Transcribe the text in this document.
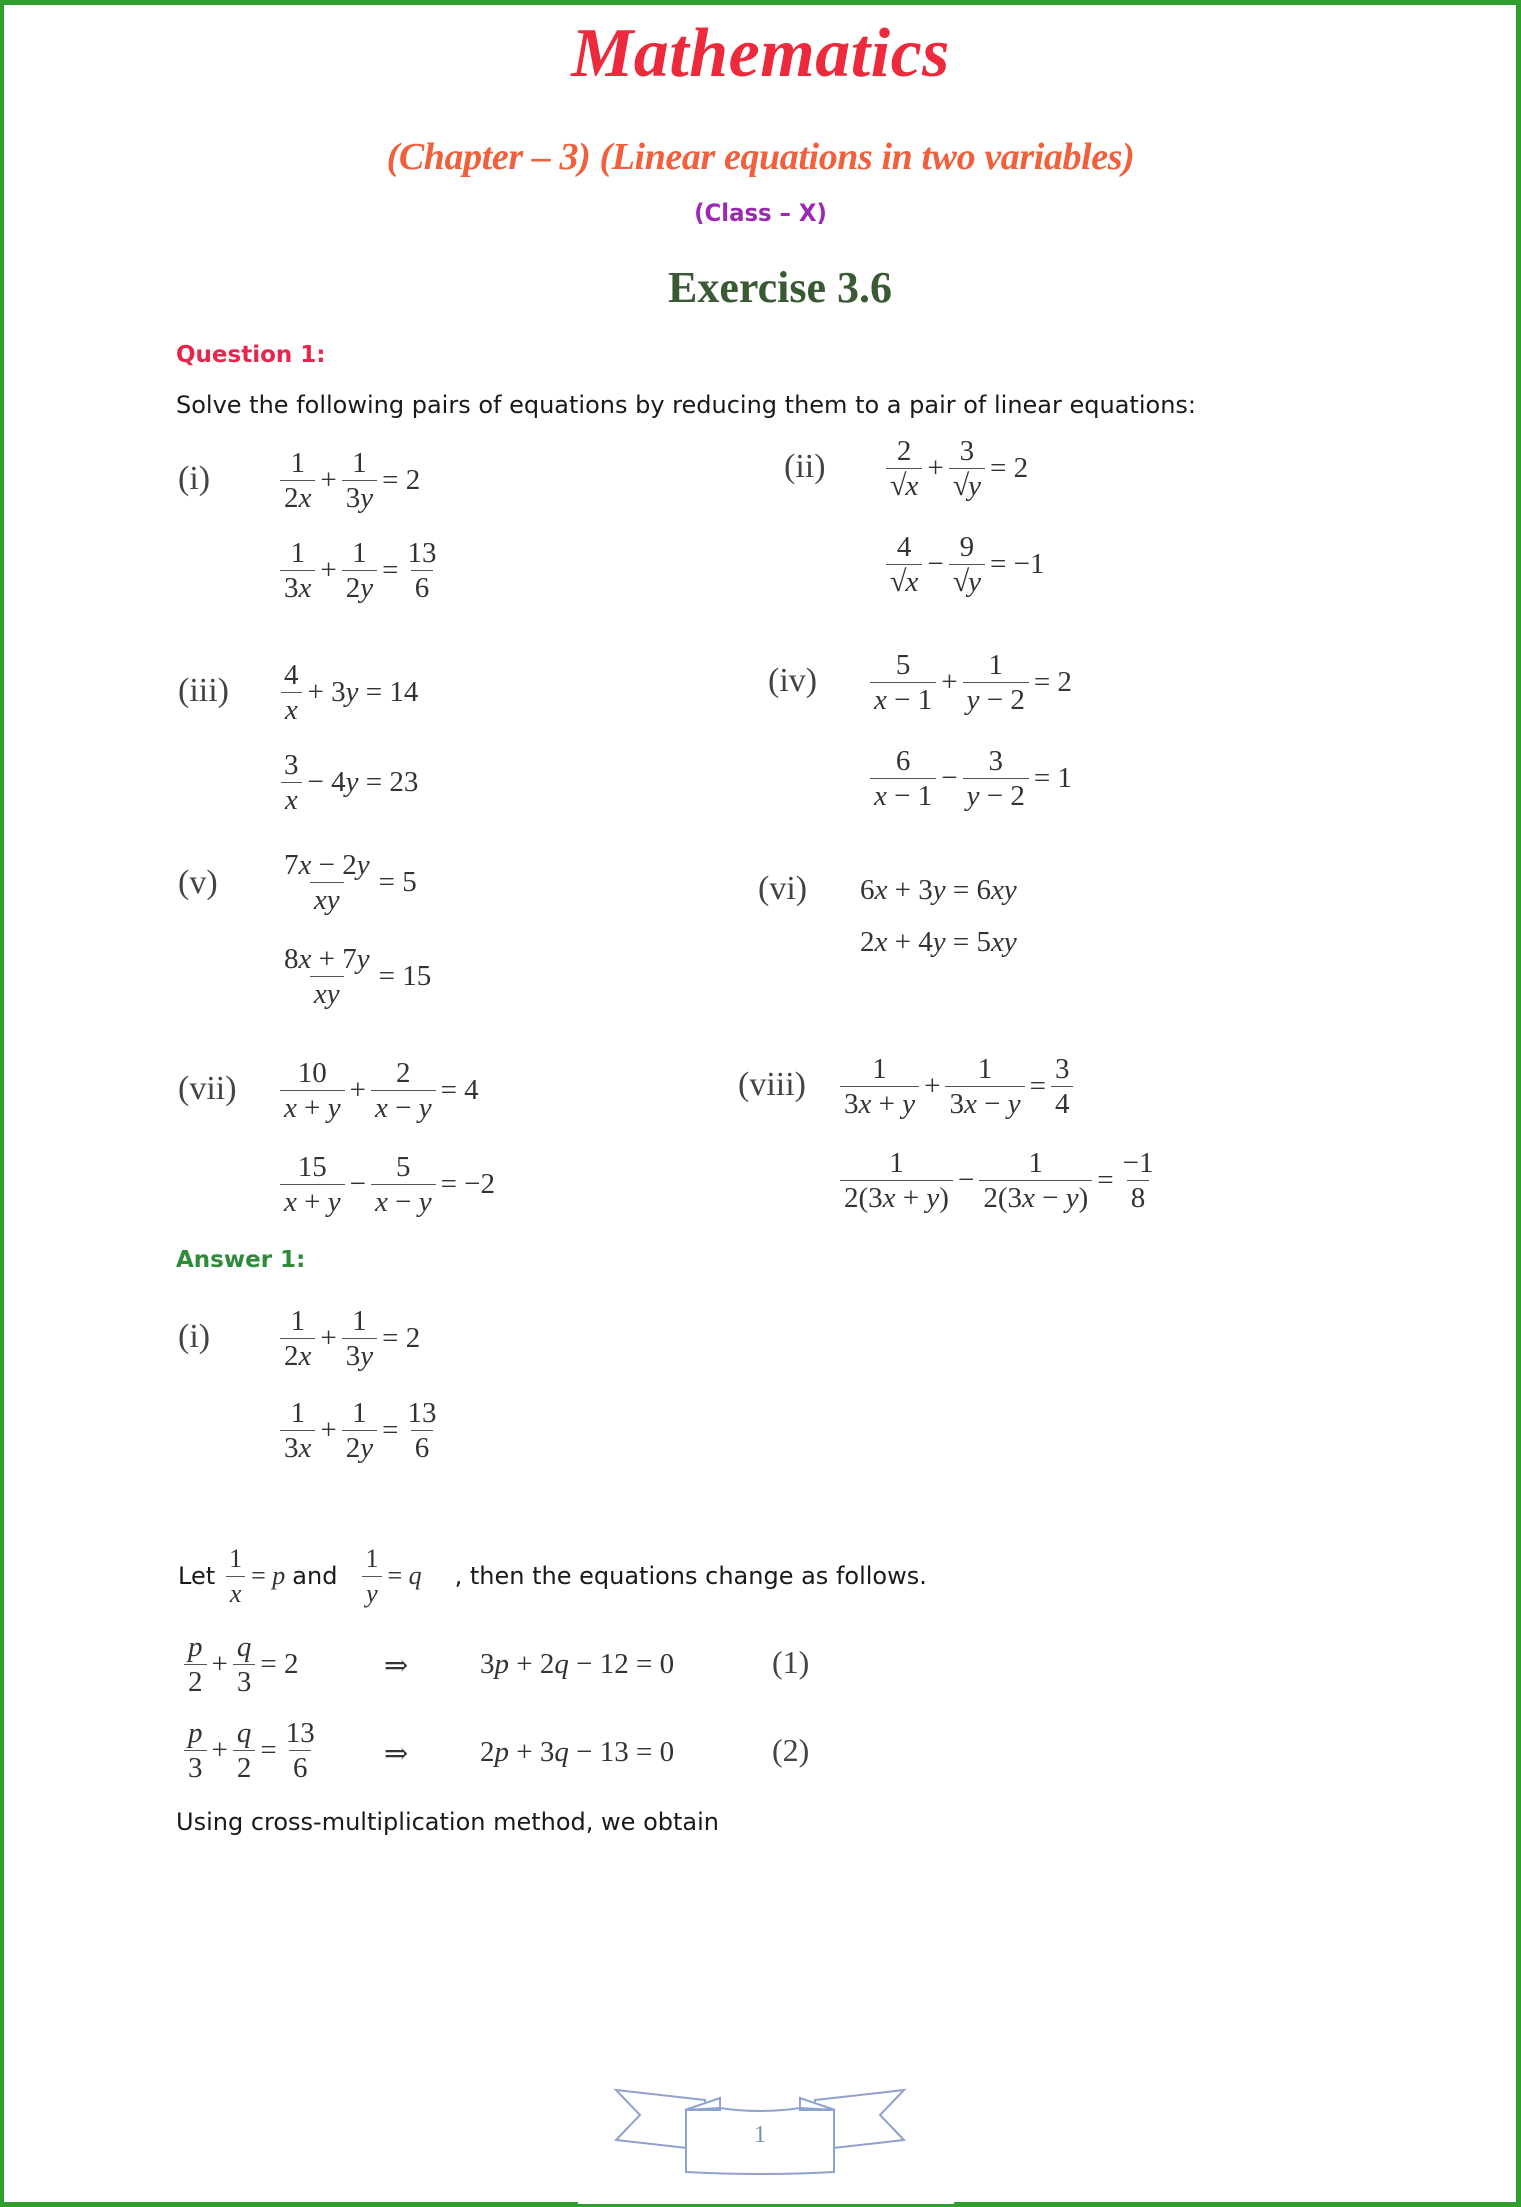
Mathematics
(Chapter – 3) (Linear equations in two variables)
(Class – X)
Exercise 3.6
Question 1:
Solve the following pairs of equations by reducing them to a pair of linear equations:
$(i) \frac{1}{2x} + \frac{1}{3y} = 2$
$\frac{1}{3x} + \frac{1}{2y} = \frac{13}{6}$
$(ii) \frac{2}{√ x} + \frac{3}{√ y} = 2$
$\frac{4}{√ x} - \frac{9}{√ y} = -1$
$(iii) \frac{4}{x} + 3y = 14$
$\frac{3}{x} - 4y = 23$
$(iv) \frac{5}{x - 1} + \frac{1}{y - 2} = 2$
$\frac{6}{x - 1} - \frac{3}{y - 2} = 1$
$(v) \frac{7x - 2y}{xy} = 5$
$\frac{8x + 7y}{xy} = 15$
(vi) 6x + 3y = 6xy
2x + 4y = 5xy
$(vii) \frac{10}{x + y} + \frac{2}{x - y} = 4$
$\frac{15}{x + y} - \frac{5}{x - y} = -2$
(viii) $\frac{1}{3x + y} + \frac{1}{3x - y} = \frac{3}{4}$
$\frac{1}{2(3x + y)} - \frac{1}{2(3x - y)} = \frac{-1}{8}$
Answer 1:
$(i) \frac{1}{2x} + \frac{1}{3y} = 2$
$\frac{1}{3x} + \frac{1}{2y} = \frac{13}{6}$
Let $\frac{1}{x} = p$ and $\frac{1}{y} = q$ , then the equations change as follows.
$\frac{p}{2} + \frac{q}{3} = 2$	⇒ 3p + 2q − 12 = 0	(1)
$\frac{p}{3} + \frac{q}{2} = \frac{13}{6}$ ⇒ 2p + 3q − 13 = 0	(2)
Using cross-multiplication method, we obtain
1
